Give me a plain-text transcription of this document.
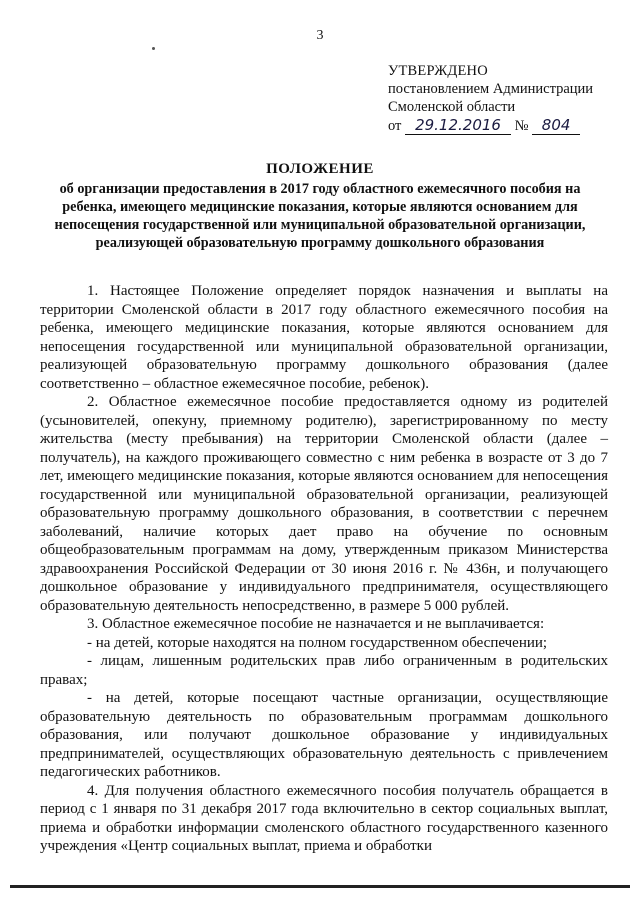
3
УТВЕРЖДЕНО
постановлением Администрации
Смоленской области
от 29.12.2016 № 804
ПОЛОЖЕНИЕ
об организации предоставления в 2017 году областного ежемесячного пособия на ребенка, имеющего медицинские показания, которые являются основанием для непосещения государственной или муниципальной образовательной организации, реализующей образовательную программу дошкольного образования

1. Настоящее Положение определяет порядок назначения и выплаты на территории Смоленской области в 2017 году областного ежемесячного пособия на ребенка, имеющего медицинские показания, которые являются основанием для непосещения государственной или муниципальной образовательной организации, реализующей образовательную программу дошкольного образования (далее соответственно – областное ежемесячное пособие, ребенок).

2. Областное ежемесячное пособие предоставляется одному из родителей (усыновителей, опекуну, приемному родителю), зарегистрированному по месту жительства (месту пребывания) на территории Смоленской области (далее – получатель), на каждого проживающего совместно с ним ребенка в возрасте от 3 до 7 лет, имеющего медицинские показания, которые являются основанием для непосещения государственной или муниципальной образовательной организации, реализующей образовательную программу дошкольного образования, в соответствии с перечнем заболеваний, наличие которых дает право на обучение по основным общеобразовательным программам на дому, утвержденным приказом Министерства здравоохранения Российской Федерации от 30 июня 2016 г. № 436н, и получающего дошкольное образование у индивидуального предпринимателя, осуществляющего образовательную деятельность непосредственно, в размере 5 000 рублей.

3. Областное ежемесячное пособие не назначается и не выплачивается:

- на детей, которые находятся на полном государственном обеспечении;

- лицам, лишенным родительских прав либо ограниченным в родительских правах;

- на детей, которые посещают частные организации, осуществляющие образовательную деятельность по образовательным программам дошкольного образования, или получают дошкольное образование у индивидуальных предпринимателей, осуществляющих образовательную деятельность с привлечением педагогических работников.

4. Для получения областного ежемесячного пособия получатель обращается в период с 1 января по 31 декабря 2017 года включительно в сектор социальных выплат, приема и обработки информации смоленского областного государственного казенного учреждения «Центр социальных выплат, приема и обработки
